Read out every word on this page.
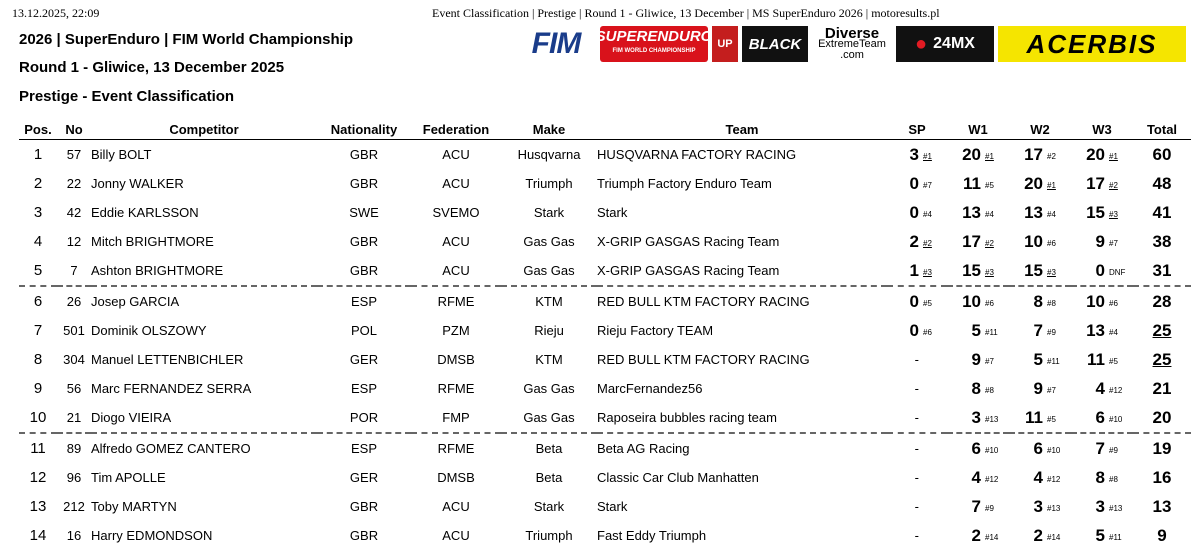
13.12.2025, 22:09	Event Classification | Prestige | Round 1 - Gliwice, 13 December | MS SuperEnduro 2026 | motoresults.pl
2026 | SuperEnduro | FIM World Championship
Round 1 - Gliwice, 13 December 2025
Prestige - Event Classification
FIM	SUPERENDURO
FIM WORLD CHAMPIONSHIP
UP	BLACK
Diverse
ExtremeTeam
.com	● 24MX	ACERBIS
Pos.	No	Competitor	Nationality	Federation	Make	Team	SP	W1	W2	W3	Total
1	57	Billy BOLT	GBR	ACU	Husqvarna	HUSQVARNA FACTORY RACING	3 #1	20 #1	17 #2	20 #1	60
2	22	Jonny WALKER	GBR	ACU	Triumph	Triumph Factory Enduro Team	0 #7	11 #5	20 #1	17 #2	48
3	42	Eddie KARLSSON	SWE	SVEMO	Stark	Stark	0 #4	13 #4	13 #4	15 #3	41
4	12	Mitch BRIGHTMORE	GBR	ACU	Gas Gas	X-GRIP GASGAS Racing Team	2 #2	17 #2	10 #6	9 #7	38
5	7	Ashton BRIGHTMORE	GBR	ACU	Gas Gas	X-GRIP GASGAS Racing Team	1 #3	15 #3	15 #3	0 DNF	31
6	26	Josep GARCIA	ESP	RFME	KTM	RED BULL KTM FACTORY RACING	0 #5	10 #6	8 #8	10 #6	28
7	501	Dominik OLSZOWY	POL	PZM	Rieju	Rieju Factory TEAM	0 #6	5 #11	7 #9	13 #4	25
8	304	Manuel LETTENBICHLER	GER	DMSB	KTM	RED BULL KTM FACTORY RACING	-	9 #7	5 #11	11 #5	25
9	56	Marc FERNANDEZ SERRA	ESP	RFME	Gas Gas	MarcFernandez56	-	8 #8	9 #7	4 #12	21
10	21	Diogo VIEIRA	POR	FMP	Gas Gas	Raposeira bubbles racing team	-	3 #13	11 #5	6 #10	20
11	89	Alfredo GOMEZ CANTERO	ESP	RFME	Beta	Beta AG Racing	-	6 #10	6 #10	7 #9	19
12	96	Tim APOLLE	GER	DMSB	Beta	Classic Car Club Manhatten	-	4 #12	4 #12	8 #8	16
13	212	Toby MARTYN	GBR	ACU	Stark	Stark	-	7 #9	3 #13	3 #13	13
14	16	Harry EDMONDSON	GBR	ACU	Triumph	Fast Eddy Triumph	-	2 #14	2 #14	5 #11	9
